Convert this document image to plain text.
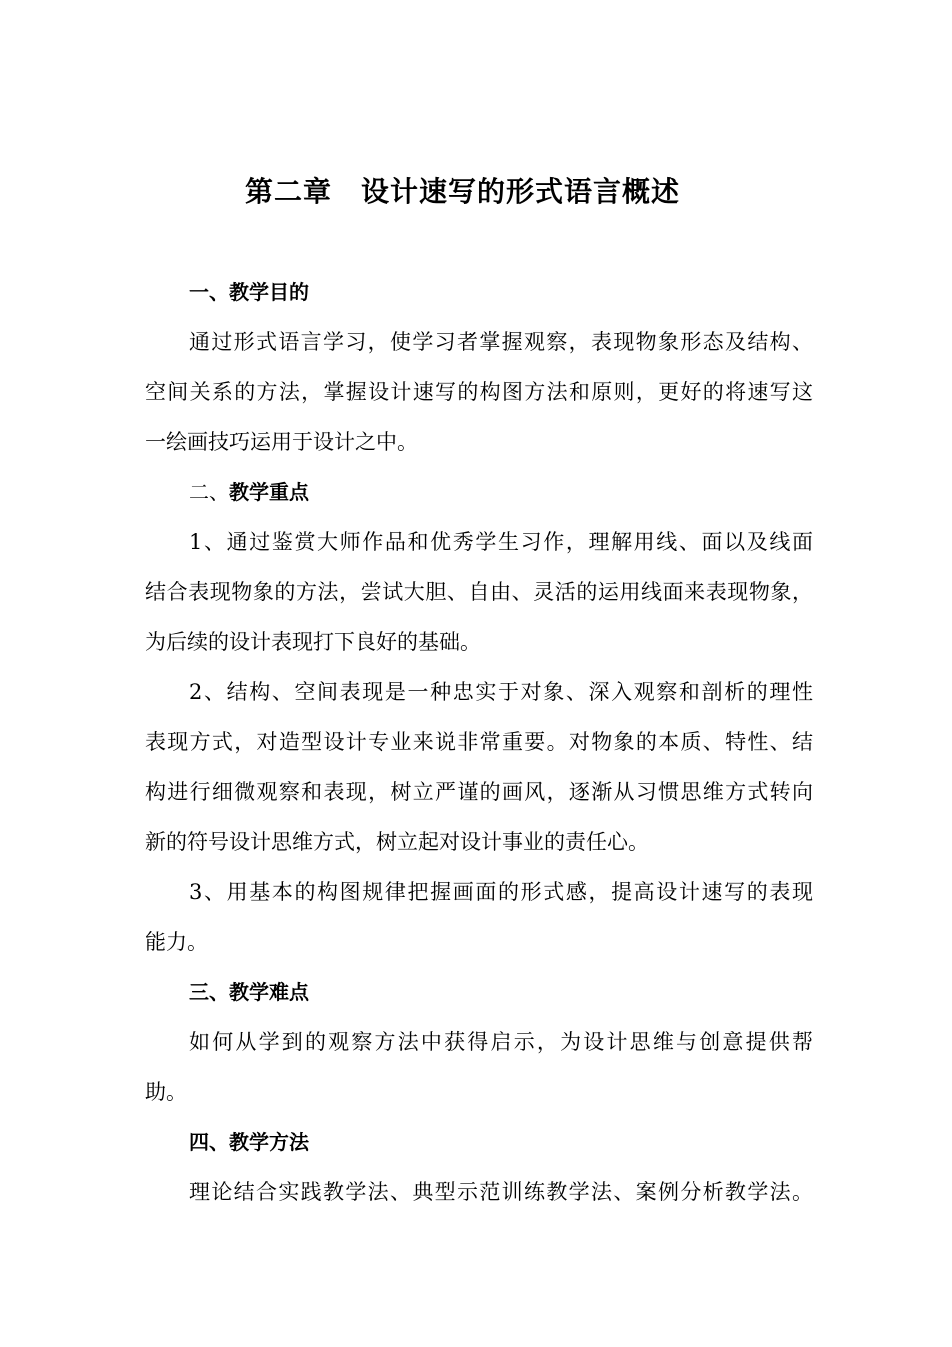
第二章　设计速写的形式语言概述
一、教学目的
通过形式语言学习，使学习者掌握观察，表现物象形态及结构、
空间关系的方法，掌握设计速写的构图方法和原则，更好的将速写这
一绘画技巧运用于设计之中。
二、教学重点
1、通过鉴赏大师作品和优秀学生习作，理解用线、面以及线面
结合表现物象的方法，尝试大胆、自由、灵活的运用线面来表现物象，
为后续的设计表现打下良好的基础。
2、结构、空间表现是一种忠实于对象、深入观察和剖析的理性
表现方式，对造型设计专业来说非常重要。对物象的本质、特性、结
构进行细微观察和表现，树立严谨的画风，逐渐从习惯思维方式转向
新的符号设计思维方式，树立起对设计事业的责任心。
3、用基本的构图规律把握画面的形式感，提高设计速写的表现
能力。
三、教学难点
如何从学到的观察方法中获得启示，为设计思维与创意提供帮
助。
四、教学方法
理论结合实践教学法、典型示范训练教学法、案例分析教学法。
